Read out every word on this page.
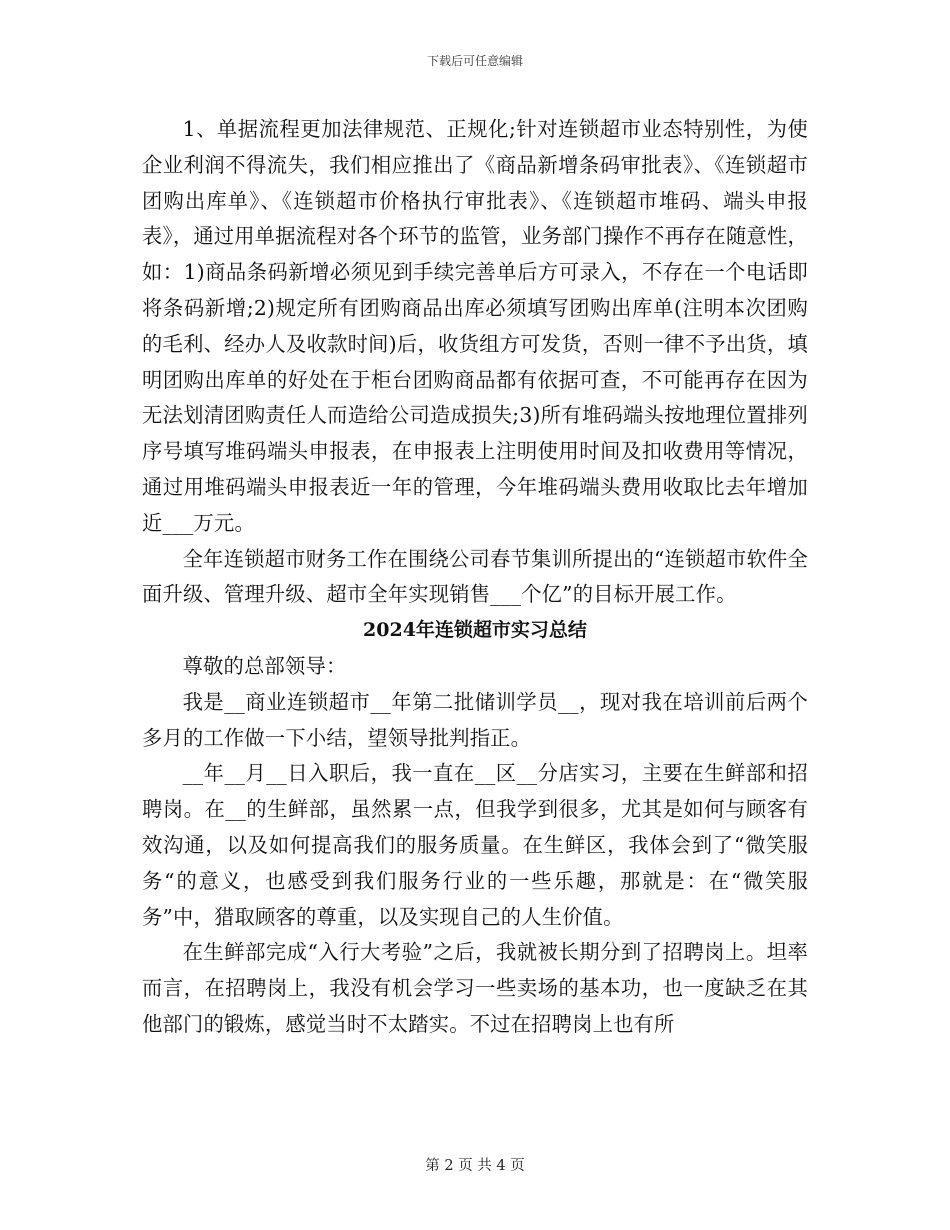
下载后可任意编辑

1、单据流程更加法律规范、正规化;针对连锁超市业态特别性，为使企业利润不得流失，我们相应推出了《商品新增条码审批表》、《连锁超市团购出库单》、《连锁超市价格执行审批表》、《连锁超市堆码、端头申报表》，通过用单据流程对各个环节的监管，业务部门操作不再存在随意性，如：1)商品条码新增必须见到手续完善单后方可录入，不存在一个电话即将条码新增;2)规定所有团购商品出库必须填写团购出库单(注明本次团购的毛利、经办人及收款时间)后，收货组方可发货，否则一律不予出货，填明团购出库单的好处在于柜台团购商品都有依据可查，不可能再存在因为无法划清团购责任人而造给公司造成损失;3)所有堆码端头按地理位置排列序号填写堆码端头申报表，在申报表上注明使用时间及扣收费用等情况，通过用堆码端头申报表近一年的管理，今年堆码端头费用收取比去年增加近___万元。

全年连锁超市财务工作在围绕公司春节集训所提出的“连锁超市软件全面升级、管理升级、超市全年实现销售___个亿”的目标开展工作。

2024年连锁超市实习总结

尊敬的总部领导：

我是__商业连锁超市__年第二批储训学员__，现对我在培训前后两个多月的工作做一下小结，望领导批判指正。

__年__月__日入职后，我一直在__区__分店实习，主要在生鲜部和招聘岗。在__的生鲜部，虽然累一点，但我学到很多，尤其是如何与顾客有效沟通，以及如何提高我们的服务质量。在生鲜区，我体会到了“微笑服务“的意义，也感受到我们服务行业的一些乐趣，那就是：在“微笑服务”中，猎取顾客的尊重，以及实现自己的人生价值。

在生鲜部完成“入行大考验”之后，我就被长期分到了招聘岗上。坦率而言，在招聘岗上，我没有机会学习一些卖场的基本功，也一度缺乏在其他部门的锻炼，感觉当时不太踏实。不过在招聘岗上也有所

第 2 页 共 4 页
